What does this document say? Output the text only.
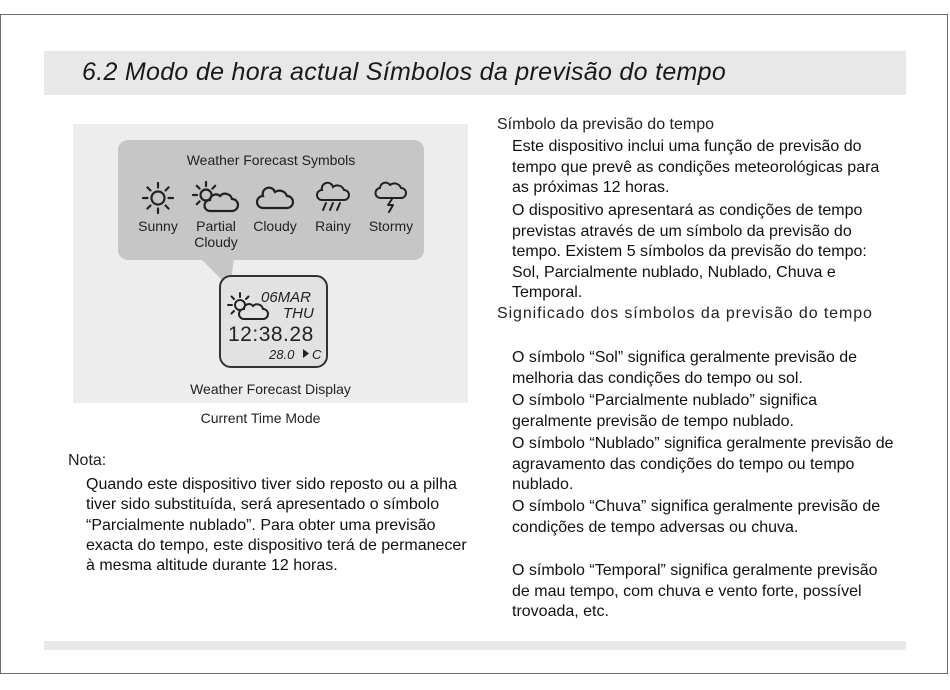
6.2 Modo de hora actual Símbolos da previsão do tempo
Weather Forecast Symbols
Sunny	Partial Cloudy
Cloudy	Rainy	Stormy
06MAR
THU
12:38.28
28.0 C
Weather Forecast Display
Current Time Mode
Nota:
Quando este dispositivo tiver sido reposto ou a pilha tiver sido substituída, será apresentado o símbolo “Parcialmente nublado”. Para obter uma previsão exacta do tempo, este dispositivo terá de permanecer à mesma altitude durante 12 horas.
Símbolo da previsão do tempo
Este dispositivo inclui uma função de previsão do tempo que prevê as condições meteorológicas para as próximas 12 horas.
O dispositivo apresentará as condições de tempo previstas através de um símbolo da previsão do tempo. Existem 5 símbolos da previsão do tempo: Sol, Parcialmente nublado, Nublado, Chuva e Temporal.
Significado dos símbolos da previsão do tempo
O símbolo “Sol” significa geralmente previsão de melhoria das condições do tempo ou sol.
O símbolo “Parcialmente nublado” significa geralmente previsão de tempo nublado.
O símbolo “Nublado” significa geralmente previsão de agravamento das condições do tempo ou tempo nublado.
O símbolo “Chuva” significa geralmente previsão de condições de tempo adversas ou chuva.
O símbolo “Temporal” significa geralmente previsão de mau tempo, com chuva e vento forte, possível trovoada, etc.
